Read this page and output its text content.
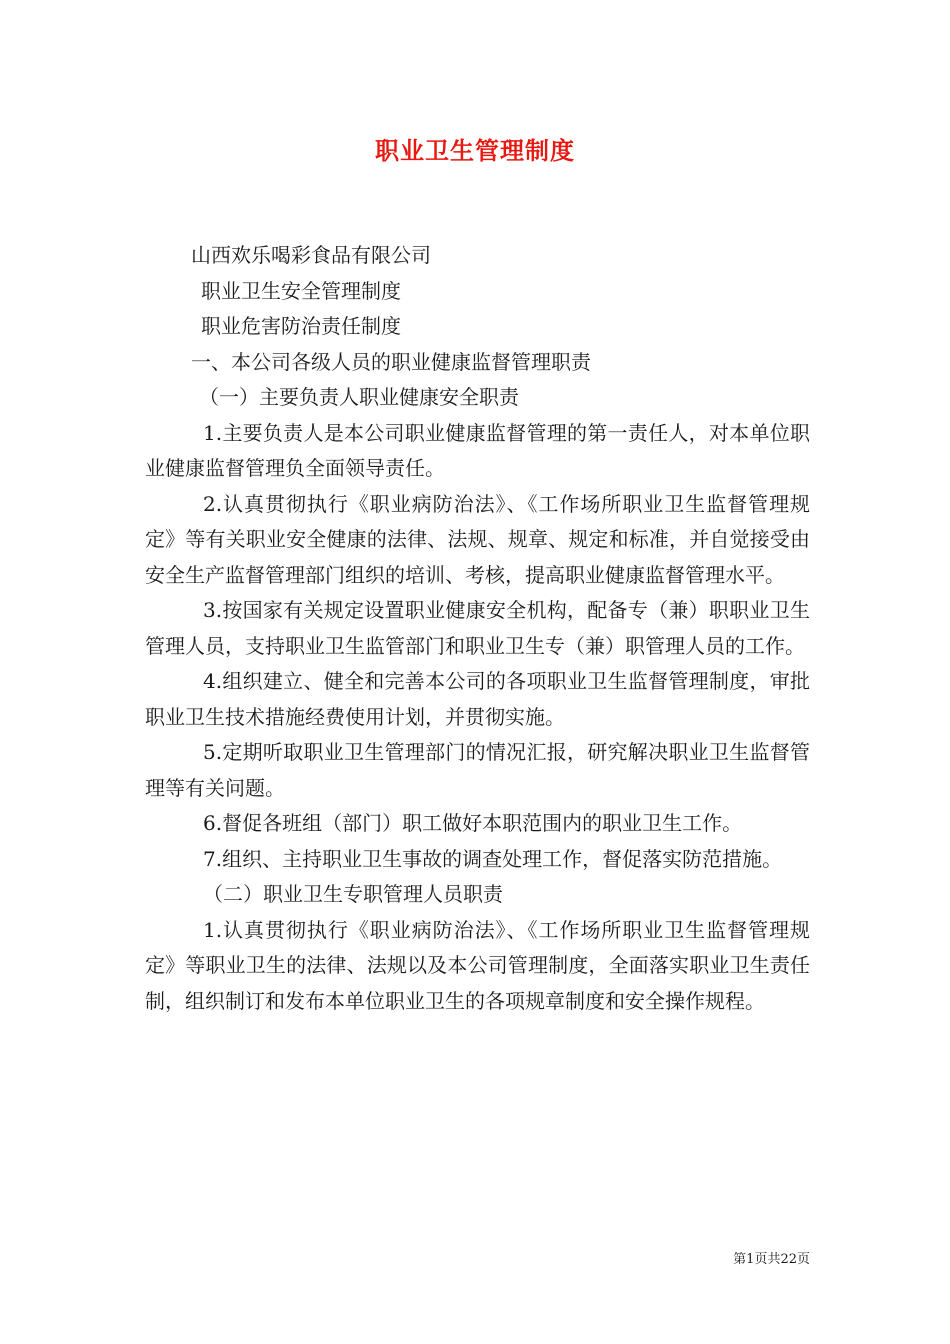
职业卫生管理制度

山西欢乐喝彩食品有限公司

职业卫生安全管理制度

职业危害防治责任制度

一、本公司各级人员的职业健康监督管理职责

（一）主要负责人职业健康安全职责

1.主要负责人是本公司职业健康监督管理的第一责任人，对本单位职业健康监督管理负全面领导责任。

2.认真贯彻执行《职业病防治法》、《工作场所职业卫生监督管理规定》等有关职业安全健康的法律、法规、规章、规定和标准，并自觉接受由安全生产监督管理部门组织的培训、考核，提高职业健康监督管理水平。

3.按国家有关规定设置职业健康安全机构，配备专（兼）职职业卫生管理人员，支持职业卫生监管部门和职业卫生专（兼）职管理人员的工作。

4.组织建立、健全和完善本公司的各项职业卫生监督管理制度，审批职业卫生技术措施经费使用计划，并贯彻实施。

5.定期听取职业卫生管理部门的情况汇报，研究解决职业卫生监督管理等有关问题。

6.督促各班组（部门）职工做好本职范围内的职业卫生工作。

7.组织、主持职业卫生事故的调查处理工作，督促落实防范措施。

（二）职业卫生专职管理人员职责

1.认真贯彻执行《职业病防治法》、《工作场所职业卫生监督管理规定》等职业卫生的法律、法规以及本公司管理制度，全面落实职业卫生责任制，组织制订和发布本单位职业卫生的各项规章制度和安全操作规程。

第1页共22页
